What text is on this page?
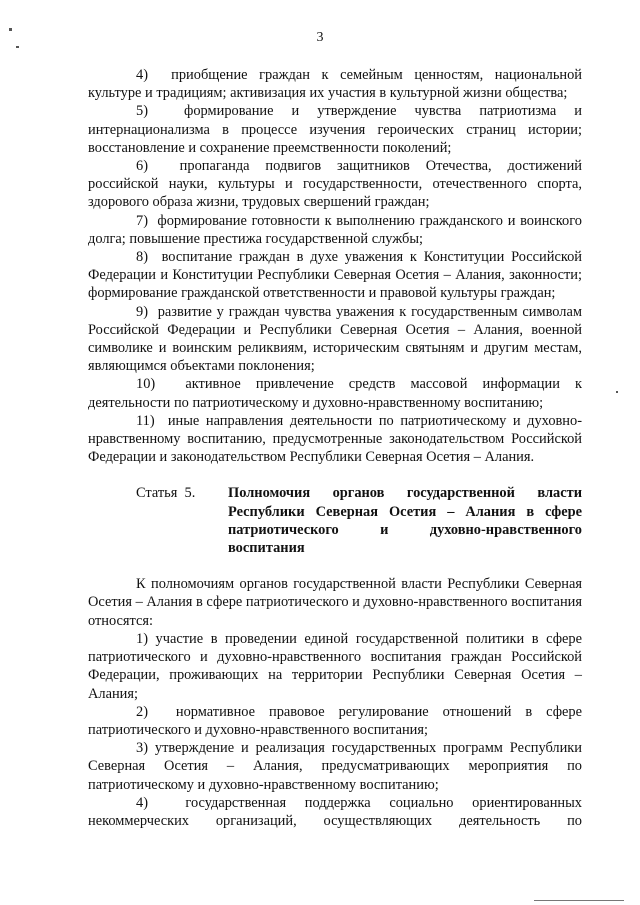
3

4)  приобщение граждан к семейным ценностям, национальной культуре и традициям; активизация их участия в культурной жизни общества;

5)  формирование и утверждение чувства патриотизма и интернационализма в процессе изучения героических страниц истории; восстановление и сохранение преемственности поколений;

6)  пропаганда подвигов защитников Отечества, достижений российской науки, культуры и государственности, отечественного спорта, здорового образа жизни, трудовых свершений граждан;

7)  формирование готовности к выполнению гражданского и воинского долга; повышение престижа государственной службы;

8)  воспитание граждан в духе уважения к Конституции Российской Федерации и Конституции Республики Северная Осетия – Алания, законности; формирование гражданской ответственности и правовой культуры граждан;

9)  развитие у граждан чувства уважения к государственным символам Российской Федерации и Республики Северная Осетия – Алания, военной символике и воинским реликвиям, историческим святыням и другим местам, являющимся объектами поклонения;

10)  активное привлечение средств массовой информации к деятельности по патриотическому и духовно-нравственному воспитанию;

11)  иные направления деятельности по патриотическому и духовно-нравственному воспитанию, предусмотренные законодательством Российской Федерации и законодательством Республики Северная Осетия – Алания.

Статья  5.	Полномочия органов государственной власти Республики Северная Осетия – Алания в сфере патриотического и духовно-нравственного воспитания

К полномочиям органов государственной власти Республики Северная Осетия – Алания в сфере патриотического и духовно-нравственного воспитания относятся:

1) участие в проведении единой государственной политики в сфере патриотического и духовно-нравственного воспитания граждан Российской Федерации, проживающих на территории Республики Северная Осетия – Алания;

2)  нормативное правовое регулирование отношений в сфере патриотического и духовно-нравственного воспитания;

3) утверждение и реализация государственных программ Республики Северная Осетия – Алания, предусматривающих мероприятия по патриотическому и духовно-нравственному воспитанию;

4)  государственная поддержка социально ориентированных некоммерческих организаций, осуществляющих деятельность по
